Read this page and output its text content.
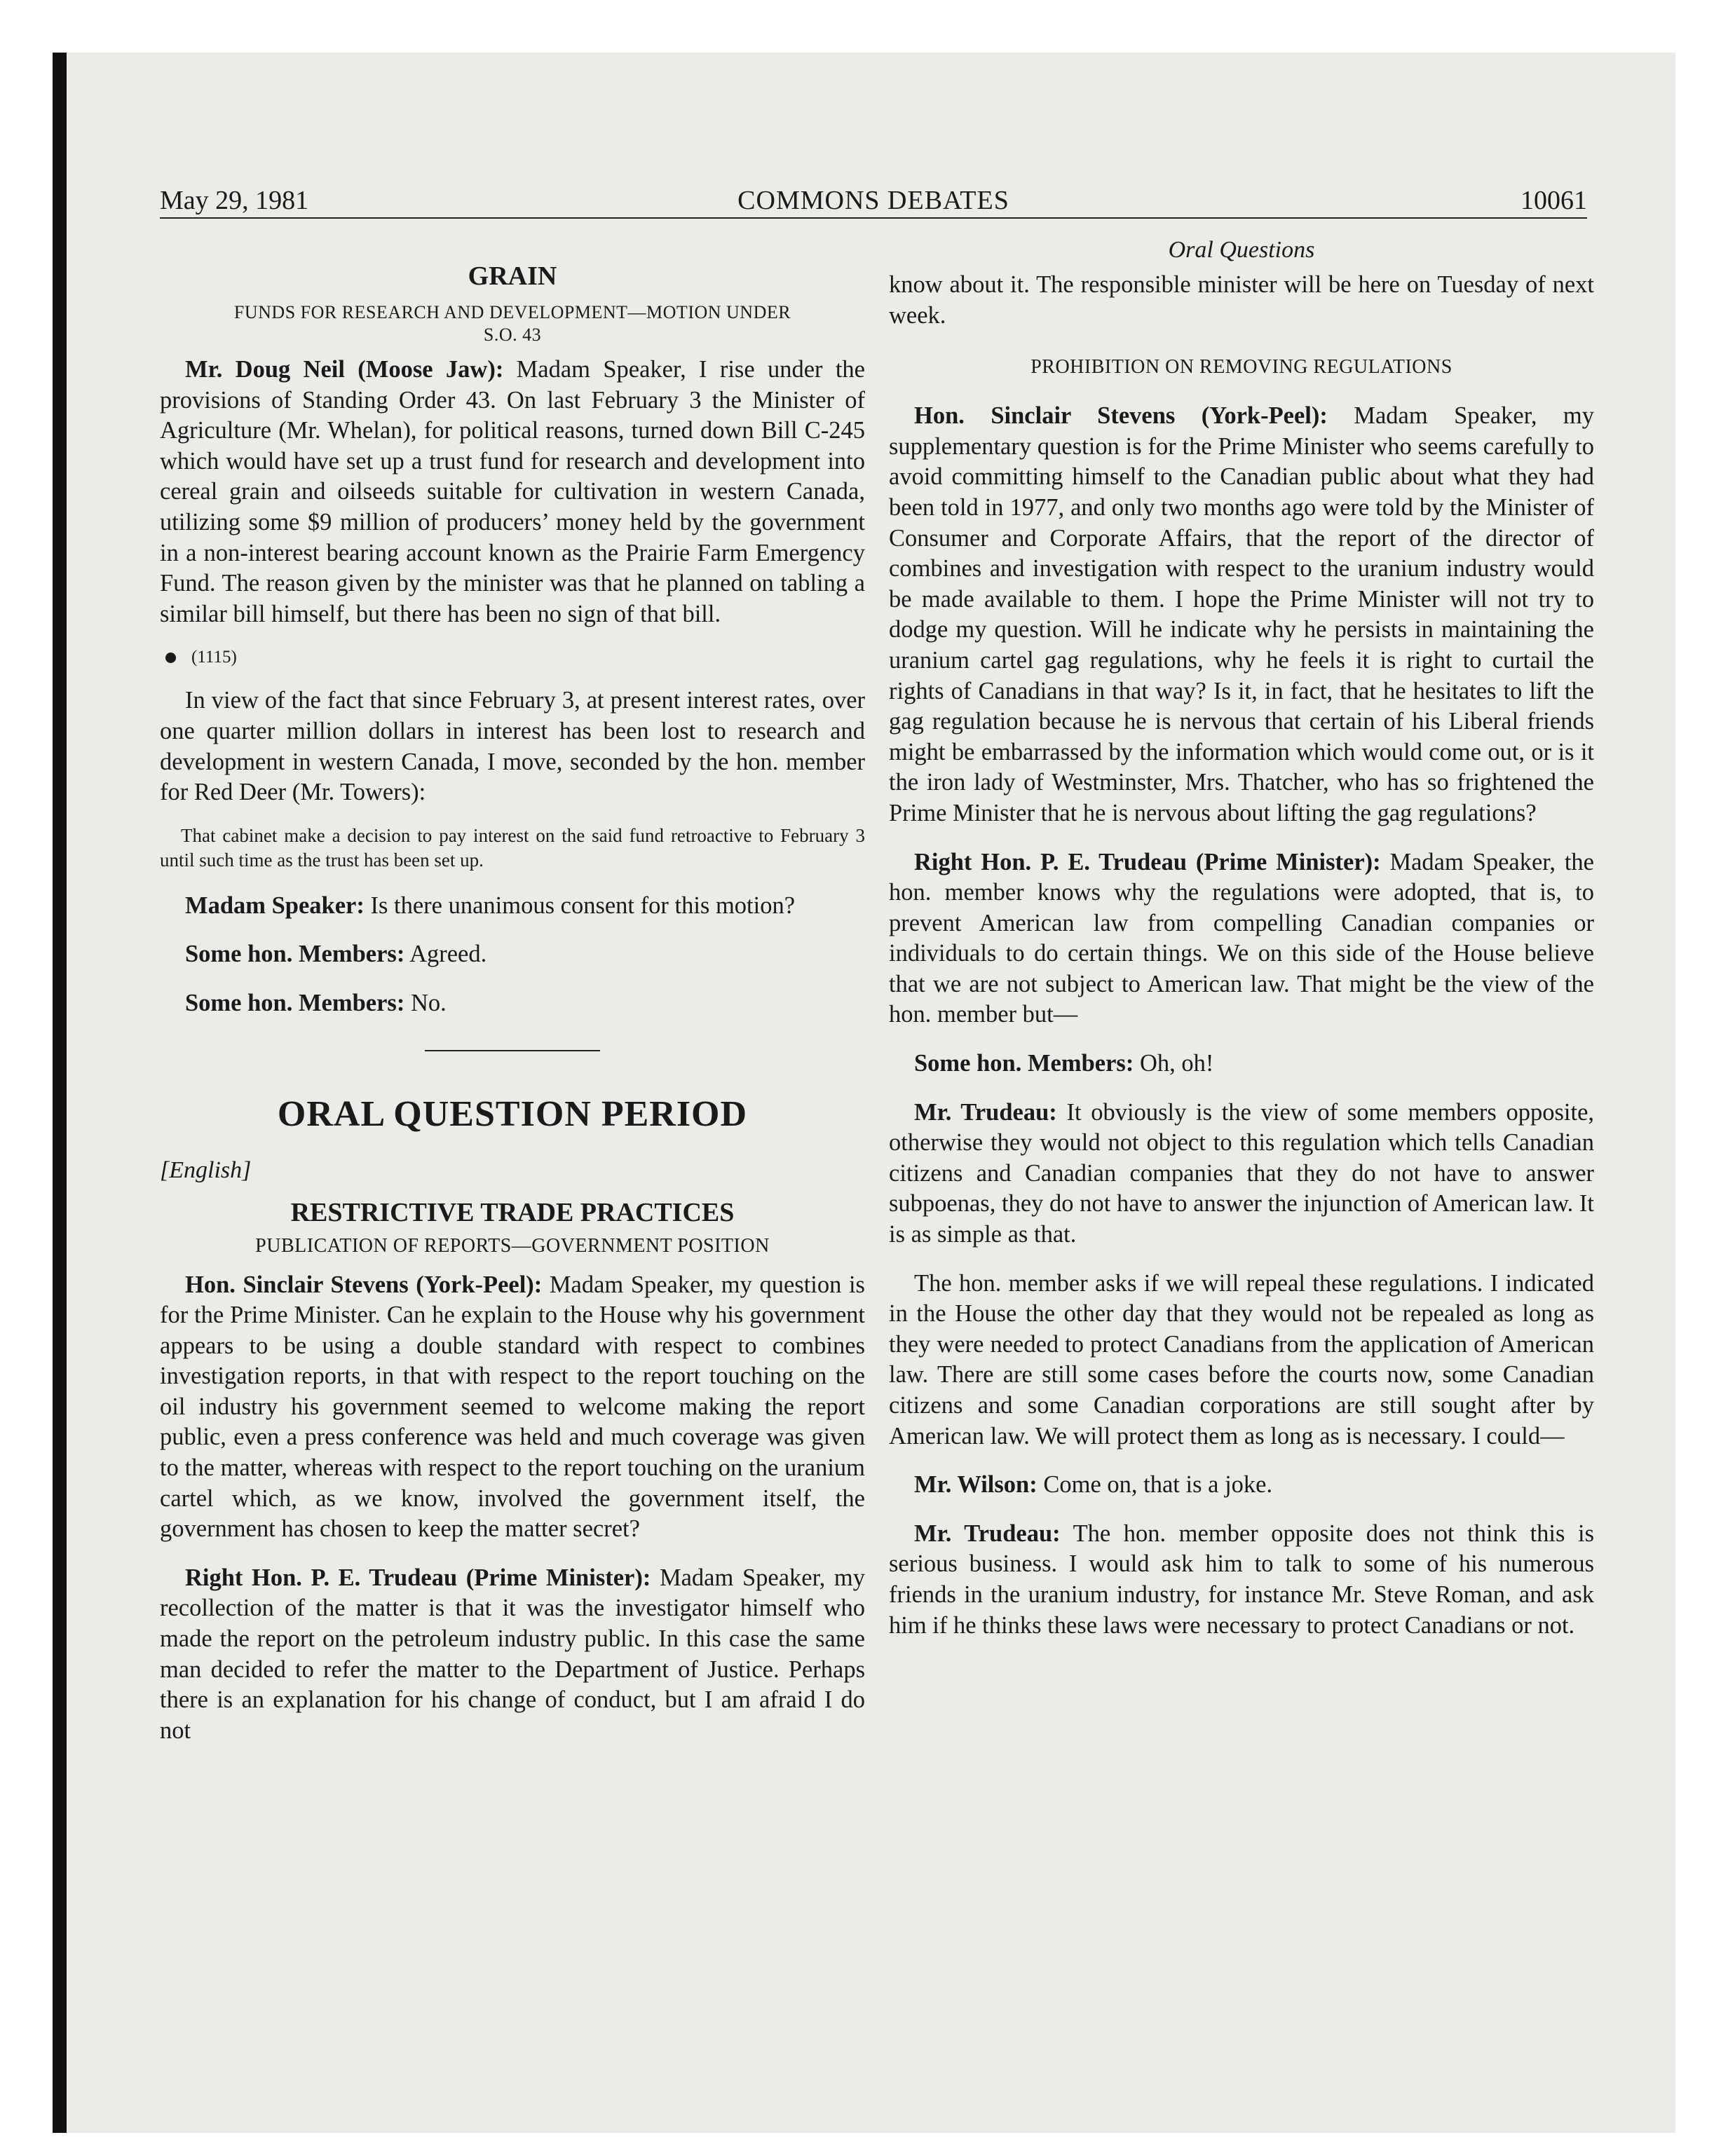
May 29, 1981	COMMONS DEBATES	10061
GRAIN
FUNDS FOR RESEARCH AND DEVELOPMENT—MOTION UNDER
S.O. 43

Mr. Doug Neil (Moose Jaw): Madam Speaker, I rise under the provisions of Standing Order 43. On last February 3 the Minister of Agriculture (Mr. Whelan), for political reasons, turned down Bill C-245 which would have set up a trust fund for research and development into cereal grain and oilseeds suitable for cultivation in western Canada, utilizing some $9 million of producers’ money held by the government in a non-interest bearing account known as the Prairie Farm Emergency Fund. The reason given by the minister was that he planned on tabling a similar bill himself, but there has been no sign of that bill.

(1115)

In view of the fact that since February 3, at present interest rates, over one quarter million dollars in interest has been lost to research and development in western Canada, I move, seconded by the hon. member for Red Deer (Mr. Towers):

That cabinet make a decision to pay interest on the said fund retroactive to February 3 until such time as the trust has been set up.

Madam Speaker: Is there unanimous consent for this motion?

Some hon. Members: Agreed.

Some hon. Members: No.

ORAL QUESTION PERIOD
[English]
RESTRICTIVE TRADE PRACTICES
PUBLICATION OF REPORTS—GOVERNMENT POSITION

Hon. Sinclair Stevens (York-Peel): Madam Speaker, my question is for the Prime Minister. Can he explain to the House why his government appears to be using a double standard with respect to combines investigation reports, in that with respect to the report touching on the oil industry his government seemed to welcome making the report public, even a press conference was held and much coverage was given to the matter, whereas with respect to the report touching on the uranium cartel which, as we know, involved the government itself, the government has chosen to keep the matter secret?

Right Hon. P. E. Trudeau (Prime Minister): Madam Speaker, my recollection of the matter is that it was the investigator himself who made the report on the petroleum industry public. In this case the same man decided to refer the matter to the Department of Justice. Perhaps there is an explanation for his change of conduct, but I am afraid I do not

Oral Questions

know about it. The responsible minister will be here on Tuesday of next week.

PROHIBITION ON REMOVING REGULATIONS

Hon. Sinclair Stevens (York-Peel): Madam Speaker, my supplementary question is for the Prime Minister who seems carefully to avoid committing himself to the Canadian public about what they had been told in 1977, and only two months ago were told by the Minister of Consumer and Corporate Affairs, that the report of the director of combines and investigation with respect to the uranium industry would be made available to them. I hope the Prime Minister will not try to dodge my question. Will he indicate why he persists in maintaining the uranium cartel gag regulations, why he feels it is right to curtail the rights of Canadians in that way? Is it, in fact, that he hesitates to lift the gag regulation because he is nervous that certain of his Liberal friends might be embarrassed by the information which would come out, or is it the iron lady of Westminster, Mrs. Thatcher, who has so frightened the Prime Minister that he is nervous about lifting the gag regulations?

Right Hon. P. E. Trudeau (Prime Minister): Madam Speaker, the hon. member knows why the regulations were adopted, that is, to prevent American law from compelling Canadian companies or individuals to do certain things. We on this side of the House believe that we are not subject to American law. That might be the view of the hon. member but—

Some hon. Members: Oh, oh!

Mr. Trudeau: It obviously is the view of some members opposite, otherwise they would not object to this regulation which tells Canadian citizens and Canadian companies that they do not have to answer subpoenas, they do not have to answer the injunction of American law. It is as simple as that.

The hon. member asks if we will repeal these regulations. I indicated in the House the other day that they would not be repealed as long as they were needed to protect Canadians from the application of American law. There are still some cases before the courts now, some Canadian citizens and some Canadian corporations are still sought after by American law. We will protect them as long as is necessary. I could—

Mr. Wilson: Come on, that is a joke.

Mr. Trudeau: The hon. member opposite does not think this is serious business. I would ask him to talk to some of his numerous friends in the uranium industry, for instance Mr. Steve Roman, and ask him if he thinks these laws were necessary to protect Canadians or not.
